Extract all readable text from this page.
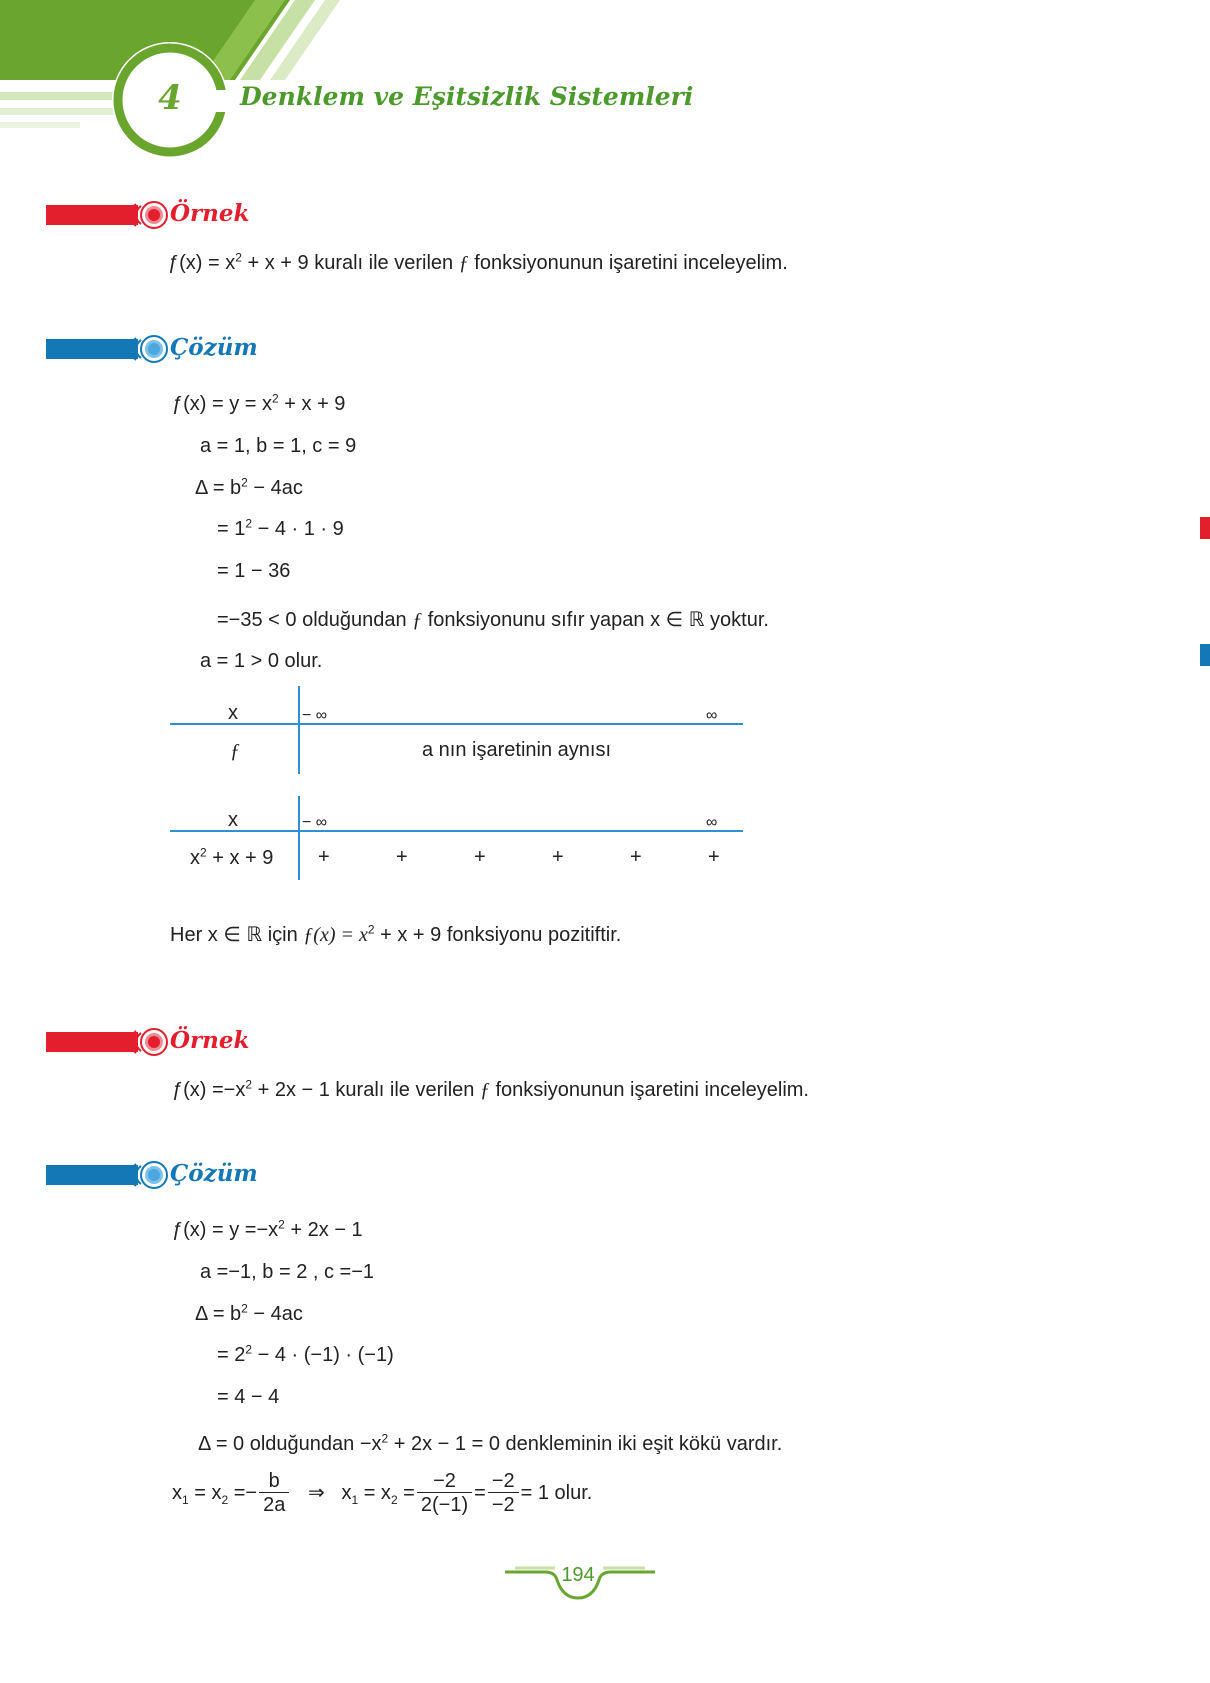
4	Denklem ve Eşitsizlik Sistemleri
Örnek
ƒ(x) = $x^2 + x + 9$ kuralı ile verilen ƒ fonksiyonunun işaretini inceleyelim.
Çözüm
ƒ(x) = $y = x^2 + x + 9$
a = 1, b = 1, c = 9
$\Delta = b^2 - 4ac$
= $1^2 - 4 \cdot 1 \cdot 9$
= 1 − 36
=−35 < 0 olduğundan ƒ fonksiyonunu sıfır yapan x ∈ ℝ yoktur.
a = 1 > 0 olur.
x	− ∞	∞
ƒ	a nın işaretinin aynısı
x	− ∞	∞
$x^2 + x + 9$ +	+	+	+	+	+
Her x ∈ ℝ için ƒ(x) = $x^2 + x + 9$ fonksiyonu pozitiftir.
Örnek
ƒ(x) $=-x^2 + 2x - 1$ kuralı ile verilen ƒ fonksiyonunun işaretini inceleyelim.
Çözüm
ƒ(x) = $y =-x^2 + 2x - 1$
a =−1, b = 2 , c =−1
$\Delta = b^2 - 4ac$
= $2^2 - 4 \cdot (-1) \cdot (-1)$
= 4 − 4
Δ = 0 olduğundan $-x^2 + 2x - 1 = 0$ denkleminin iki eşit kökü vardır.
$x_1 = x_2 =- \frac{b}{2a}$ ⇒ $x_1 = x_2 = \frac{-2}{2(-1)} = \frac{-2}{-2} = 1$ olur.
194
